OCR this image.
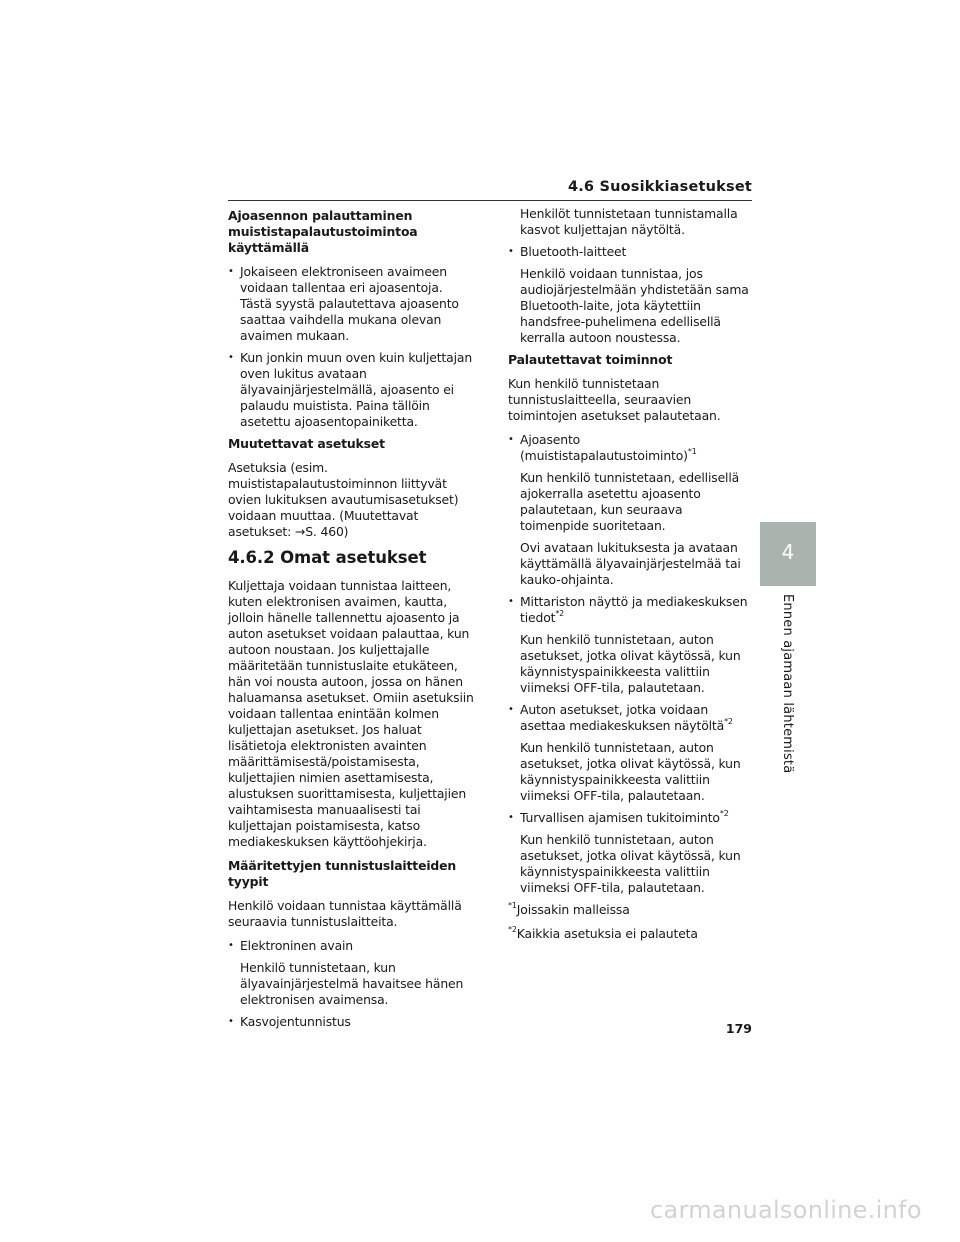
4.6 Suosikkiasetukset
Ajoasennon palauttaminen muististapalautustoimintoa käyttämällä
• Jokaiseen elektroniseen avaimeen voidaan tallentaa eri ajoasentoja. Tästä syystä palautettava ajoasento saattaa vaihdella mukana olevan avaimen mukaan.
• Kun jonkin muun oven kuin kuljettajan oven lukitus avataan älyavainjärjestelmällä, ajoasento ei palaudu muistista. Paina tällöin asetettu ajoasentopainiketta.
Muutettavat asetukset
Asetuksia (esim. muististapalautustoiminnon liittyvät ovien lukituksen avautumisasetukset) voidaan muuttaa. (Muutettavat asetukset: →S. 460)
4.6.2 Omat asetukset
Kuljettaja voidaan tunnistaa laitteen, kuten elektronisen avaimen, kautta, jolloin hänelle tallennettu ajoasento ja auton asetukset voidaan palauttaa, kun autoon noustaan. Jos kuljettajalle määritetään tunnistuslaite etukäteen, hän voi nousta autoon, jossa on hänen haluamansa asetukset. Omiin asetuksiin voidaan tallentaa enintään kolmen kuljettajan asetukset. Jos haluat lisätietoja elektronisten avainten määrittämisestä/poistamisesta, kuljettajien nimien asettamisesta, alustuksen suorittamisesta, kuljettajien vaihtamisesta manuaalisesti tai kuljettajan poistamisesta, katso mediakeskuksen käyttöohjekirja.
Määritettyjen tunnistuslaitteiden tyypit
Henkilö voidaan tunnistaa käyttämällä seuraavia tunnistuslaitteita.
• Elektroninen avain
Henkilö tunnistetaan, kun älyavainjärjestelmä havaitsee hänen elektronisen avaimensa.
• Kasvojentunnistus
Henkilöt tunnistetaan tunnistamalla kasvot kuljettajan näytöltä.
• Bluetooth-laitteet
Henkilö voidaan tunnistaa, jos audiojärjestelmään yhdistetään sama Bluetooth-laite, jota käytettiin handsfree-puhelimena edellisellä kerralla autoon noustessa.
Palautettavat toiminnot
Kun henkilö tunnistetaan tunnistuslaitteella, seuraavien toimintojen asetukset palautetaan.
• Ajoasento (muististapalautustoiminto)$^{*1}$
Kun henkilö tunnistetaan, edellisellä ajokerralla asetettu ajoasento palautetaan, kun seuraava toimenpide suoritetaan.
Ovi avataan lukituksesta ja avataan käyttämällä älyavainjärjestelmää tai kauko-ohjainta.
• Mittariston näyttö ja mediakeskuksen tiedot$^{*2}$
Kun henkilö tunnistetaan, auton asetukset, jotka olivat käytössä, kun käynnistyspainikkeesta valittiin viimeksi OFF-tila, palautetaan.
• Auton asetukset, jotka voidaan asettaa mediakeskuksen näytöltä$^{*2}$
Kun henkilö tunnistetaan, auton asetukset, jotka olivat käytössä, kun käynnistyspainikkeesta valittiin viimeksi OFF-tila, palautetaan.
• Turvallisen ajamisen tukitoiminto$^{*2}$
Kun henkilö tunnistetaan, auton asetukset, jotka olivat käytössä, kun käynnistyspainikkeesta valittiin viimeksi OFF-tila, palautetaan.
$^{*1}$Joissakin malleissa
$^{*2}$Kaikkia asetuksia ei palauteta
4
Ennen ajamaan lähtemistä
179
carmanualsonline.info
